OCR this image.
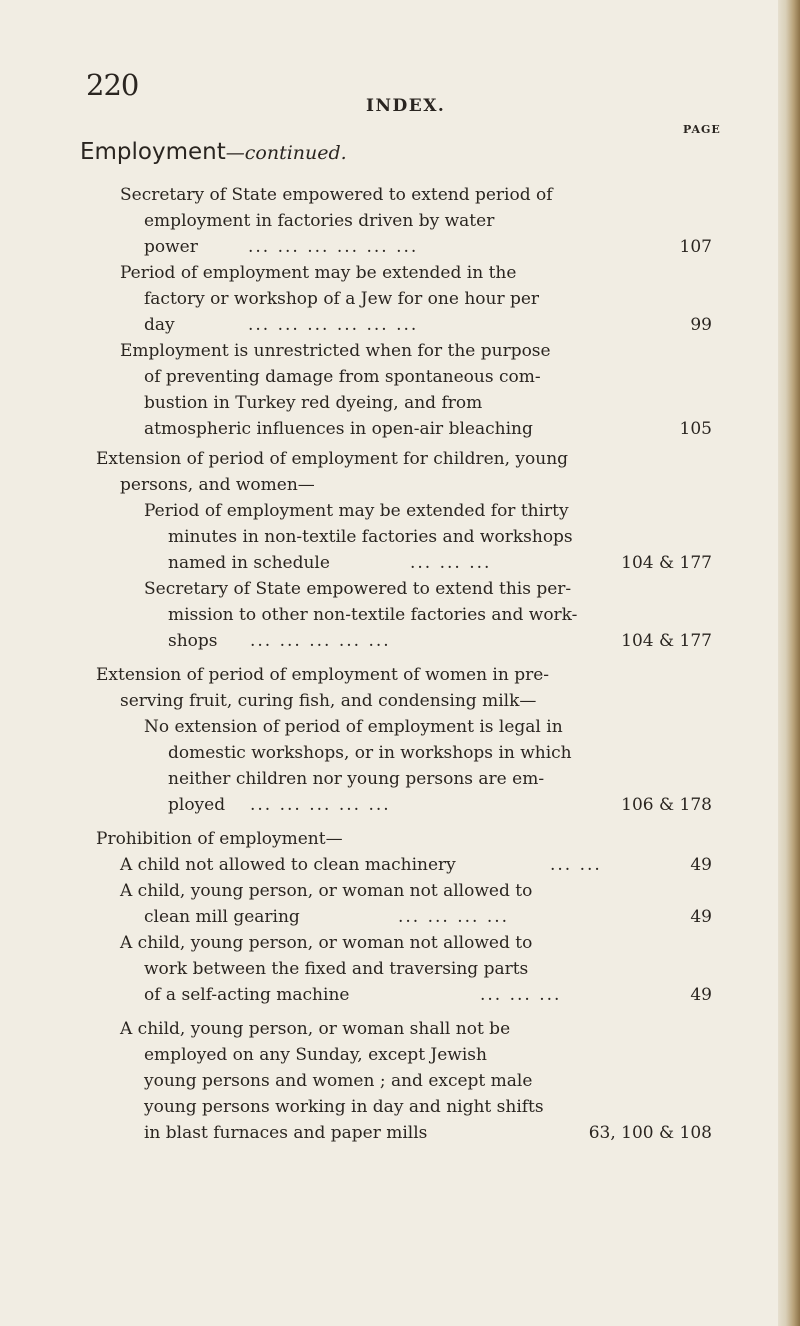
220
INDEX.
PAGE
Employment—continued.
Secretary of State empowered to extend period of
employment in factories driven by water
power	... ... ... ... ... ...	107
Period of employment may be extended in the
factory or workshop of a Jew for one hour per
day	... ... ... ... ... ...	99
Employment is unrestricted when for the purpose
of preventing damage from spontaneous com-
bustion in Turkey red dyeing, and from
atmospheric influences in open-air bleaching	105
Extension of period of employment for children, young
persons, and women—
Period of employment may be extended for thirty
minutes in non-textile factories and workshops
named in schedule	... ... ...	104 & 177
Secretary of State empowered to extend this per-
mission to other non-textile factories and work-
shops ... ... ... ... ...	104 & 177
Extension of period of employment of women in pre-
serving fruit, curing fish, and condensing milk—
No extension of period of employment is legal in
domestic workshops, or in workshops in which
neither children nor young persons are em-
ployed ... ... ... ... ...	106 & 178
Prohibition of employment—
A child not allowed to clean machinery	... ...	49
A child, young person, or woman not allowed to
clean mill gearing	... ... ... ...	49
A child, young person, or woman not allowed to
work between the fixed and traversing parts
of a self-acting machine	... ... ...	49
A child, young person, or woman shall not be
employed on any Sunday, except Jewish
young persons and women ; and except male
young persons working in day and night shifts
in blast furnaces and paper mills	63, 100 & 108
